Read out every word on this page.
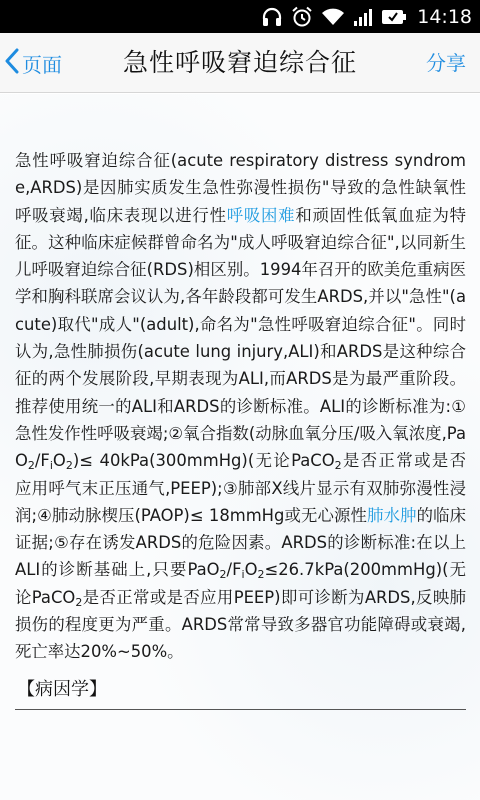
14:18
急性呼吸窘迫综合征
页面	分享

急性呼吸窘迫综合征(acute respiratory distress syndrome,ARDS)是因肺实质发生急性弥漫性损伤"导致的急性缺氧性呼吸衰竭,临床表现以进行性呼吸困难和顽固性低氧血症为特征。这种临床症候群曾命名为"成人呼吸窘迫综合征",以同新生儿呼吸窘迫综合征(RDS)相区别。1994年召开的欧美危重病医学和胸科联席会议认为,各年龄段都可发生ARDS,并以"急性"(acute)取代"成人"(adult),命名为"急性呼吸窘迫综合征"。同时认为,急性肺损伤(acute lung injury,ALI)和ARDS是这种综合征的两个发展阶段,早期表现为ALI,而ARDS是为最严重阶段。推荐使用统一的ALI和ARDS的诊断标准。ALI的诊断标准为:①急性发作性呼吸衰竭;②氧合指数(动脉血氧分压/吸入氧浓度$,PaO_2/F_iO_2)\le$ 40kPa(300mmHg)(无论PaCO$_2$是否正常或是否应用呼气末正压通气,PEEP);③肺部X线片显示有双肺弥漫性浸润;④肺动脉楔压(PAOP)≤ 18mmHg或无心源性肺水肿的临床证据;⑤存在诱发ARDS的危险因素。ARDS的诊断标准:在以上ALI的诊断基础上,只要$PaO_2/F_iO_2\le 26.7kPa(200mmHg)$(无论PaCO$_2$是否正常或是否应用PEEP)即可诊断为ARDS,反映肺损伤的程度更为严重。ARDS常常导致多器官功能障碍或衰竭,死亡率达20%~50%。

【病因学】
